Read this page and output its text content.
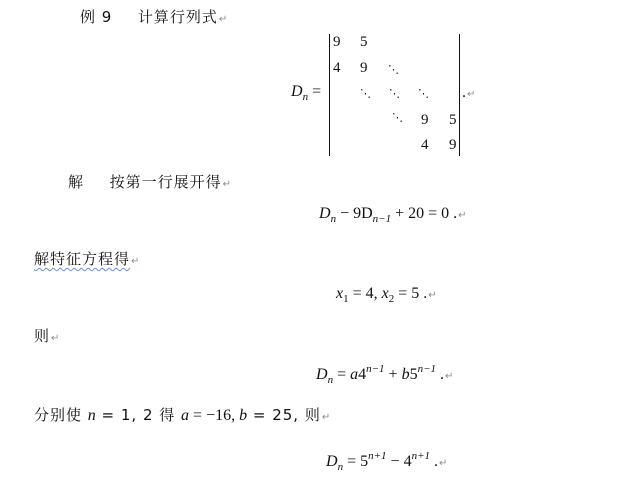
例 9 计算行列式↵
$D_n$ =
9 5
4 9 ⋱
⋱ ⋱ ⋱
⋱ 9 5
4 9
.↵
解 按第一行展开得↵
$D_n - 9D_{n-1} + 20 = 0$ .↵
解特征方程得↵
$x_1 = 4$, $x_2 = 5$ .↵
则↵
$D_n = a4^{n-1} + b5^{n-1}$ .↵
分别使 n = 1, 2 得 a = −16, b = 25, 则↵
$D_n = 5^{n+1} - 4^{n+1}$ .↵
